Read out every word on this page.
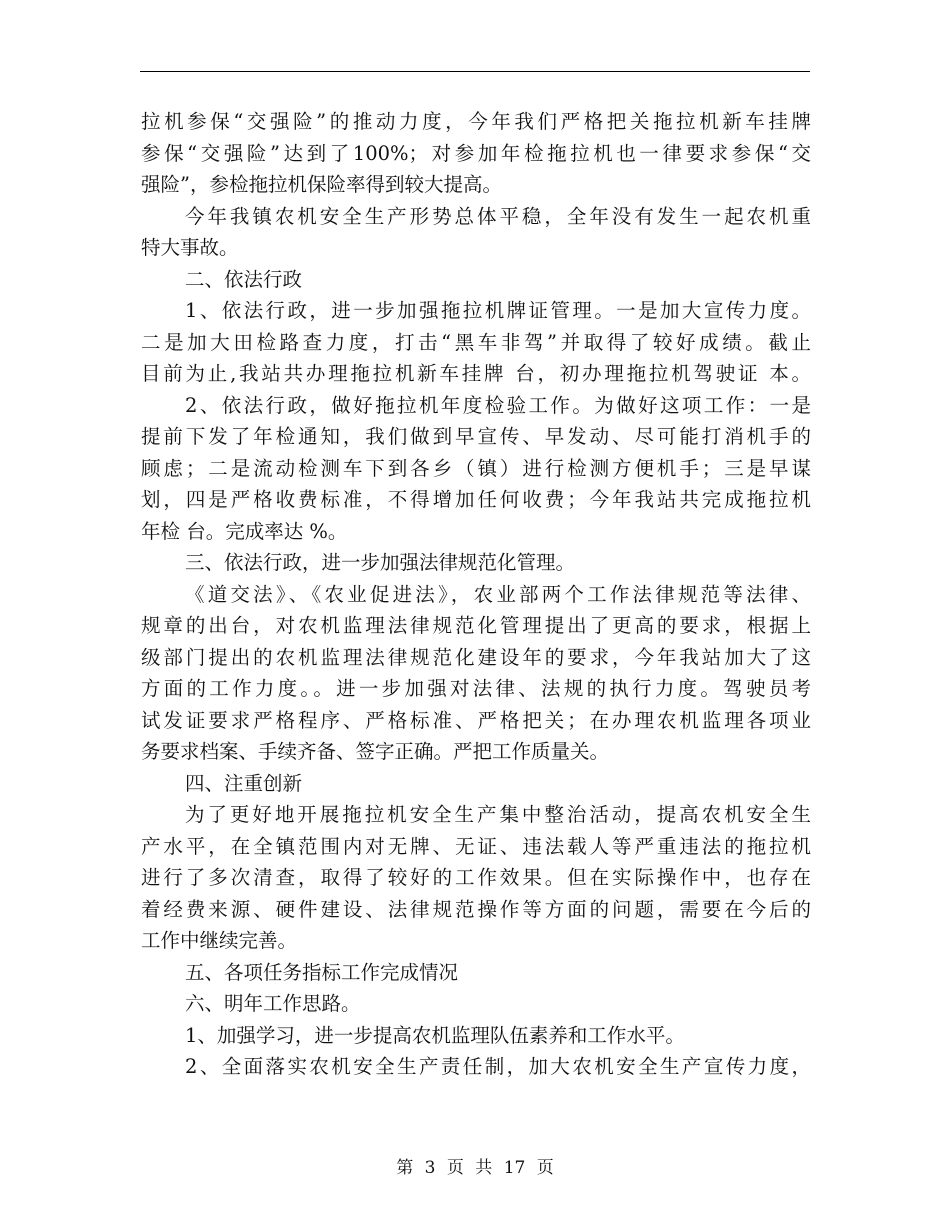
拉机参保“交强险”的推动力度，今年我们严格把关拖拉机新车挂牌
参保“交强险”达到了100%；对参加年检拖拉机也一律要求参保“交
强险”，参检拖拉机保险率得到较大提高。
今年我镇农机安全生产形势总体平稳，全年没有发生一起农机重
特大事故。
二、依法行政
1、依法行政，进一步加强拖拉机牌证管理。一是加大宣传力度。
二是加大田检路查力度，打击“黑车非驾”并取得了较好成绩。截止
目前为止,我站共办理拖拉机新车挂牌 台，初办理拖拉机驾驶证 本。
2、依法行政，做好拖拉机年度检验工作。为做好这项工作：一是
提前下发了年检通知，我们做到早宣传、早发动、尽可能打消机手的
顾虑；二是流动检测车下到各乡（镇）进行检测方便机手；三是早谋
划，四是严格收费标准，不得增加任何收费；今年我站共完成拖拉机
年检 台。完成率达 %。
三、依法行政，进一步加强法律规范化管理。
《道交法》、《农业促进法》，农业部两个工作法律规范等法律、
规章的出台，对农机监理法律规范化管理提出了更高的要求，根据上
级部门提出的农机监理法律规范化建设年的要求，今年我站加大了这
方面的工作力度。。进一步加强对法律、法规的执行力度。驾驶员考
试发证要求严格程序、严格标准、严格把关；在办理农机监理各项业
务要求档案、手续齐备、签字正确。严把工作质量关。
四、注重创新
为了更好地开展拖拉机安全生产集中整治活动，提高农机安全生
产水平，在全镇范围内对无牌、无证、违法载人等严重违法的拖拉机
进行了多次清查，取得了较好的工作效果。但在实际操作中，也存在
着经费来源、硬件建设、法律规范操作等方面的问题，需要在今后的
工作中继续完善。
五、各项任务指标工作完成情况
六、明年工作思路。
1、加强学习，进一步提高农机监理队伍素养和工作水平。
2、全面落实农机安全生产责任制，加大农机安全生产宣传力度，
第 3 页 共 17 页
